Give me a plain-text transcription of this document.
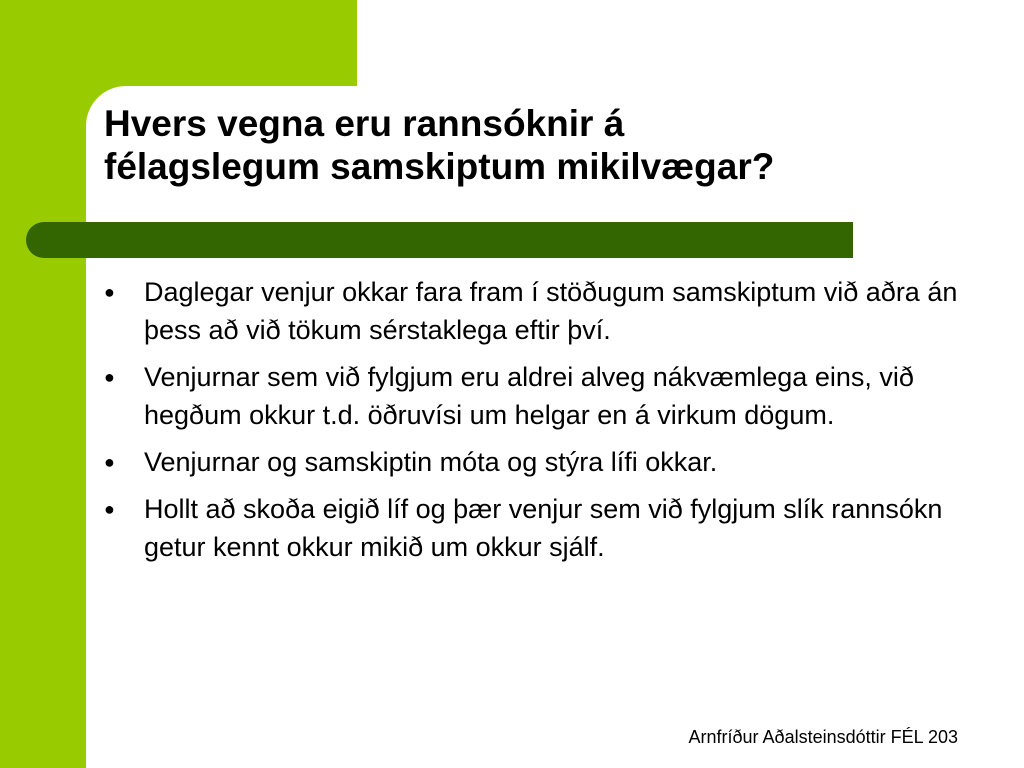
Hvers vegna eru rannsóknir á
félagslegum samskiptum mikilvægar?
●	Daglegar venjur okkar fara fram í stöðugum samskiptum við aðra án þess að við tökum sérstaklega eftir því.
●	Venjurnar sem við fylgjum eru aldrei alveg nákvæmlega eins, við hegðum okkur t.d. öðruvísi um helgar en á virkum dögum.
●	Venjurnar og samskiptin móta og stýra lífi okkar.
●	Hollt að skoða eigið líf og þær venjur sem við fylgjum slík rannsókn getur kennt okkur mikið um okkur sjálf.
Arnfríður Aðalsteinsdóttir FÉL 203
